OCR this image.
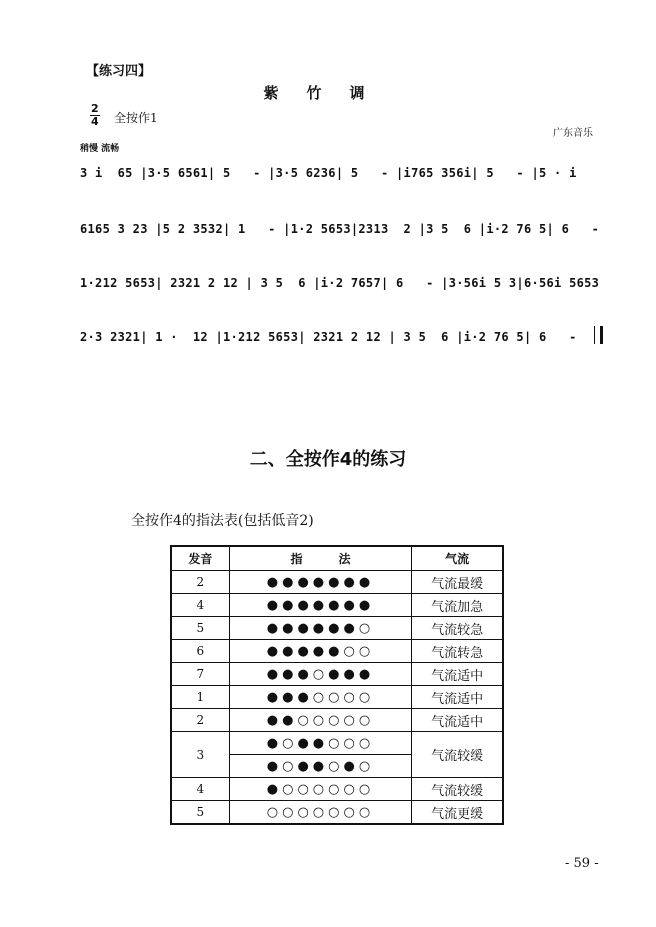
【练习四】
紫竹调
$\frac{2}{4}$ 全按作1
广东音乐
稍慢 流畅
3 i  65 |3·5 6561| 5   - |3·5 6236| 5   - |i765 356i| 5   - |5 · i
6165 3 23 |5 2 3532| 1   - |1·2 5653|2313  2 |3 5  6 |i·2 76 5| 6   -
1·212 5653| 2321 2 12 | 3 5  6 |i·2 7657| 6   - |3·56i 5 3|6·56i 5653
2·3 2321| 1 ·  12 |1·212 5653| 2321 2 12 | 3 5  6 |i·2 76 5| 6   -
二、全按作4的练习
全按作4的指法表(包括低音2)
发音	指　　　法	气流
2	●●●●●●●	气流最缓
4	●●●●●●●	气流加急
5	●●●●●●○	气流较急
6	●●●●●○○	气流转急
7	●●●○●●●	气流适中
1	●●●○○○○	气流适中
2	●●○○○○○	气流适中
3	●○●●○○○	气流较缓
	●○●●○●○	
4	●○○○○○○	气流较缓
5	○○○○○○○	气流更缓
- 59 -
